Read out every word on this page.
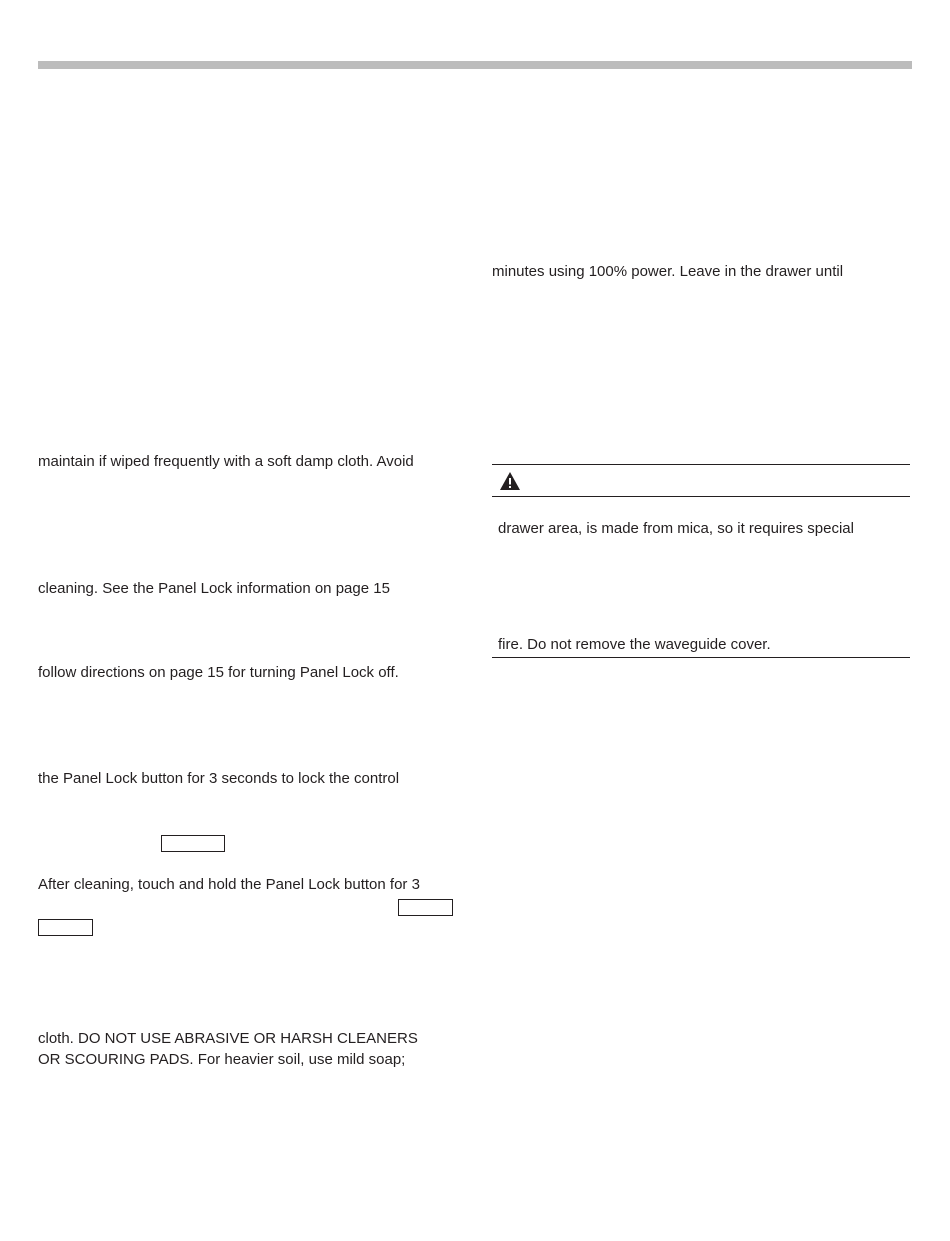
minutes using 100% power. Leave in the drawer until
drawer area, is made from mica, so it requires special
fire. Do not remove the waveguide cover.
maintain if wiped frequently with a soft damp cloth. Avoid
cleaning. See the Panel Lock information on page 15
follow directions on page 15 for turning Panel Lock off.
the Panel Lock button for 3 seconds to lock the control
After cleaning, touch and hold the Panel Lock button for 3
cloth. DO NOT USE ABRASIVE OR HARSH CLEANERS
OR SCOURING PADS. For heavier soil, use mild soap;
